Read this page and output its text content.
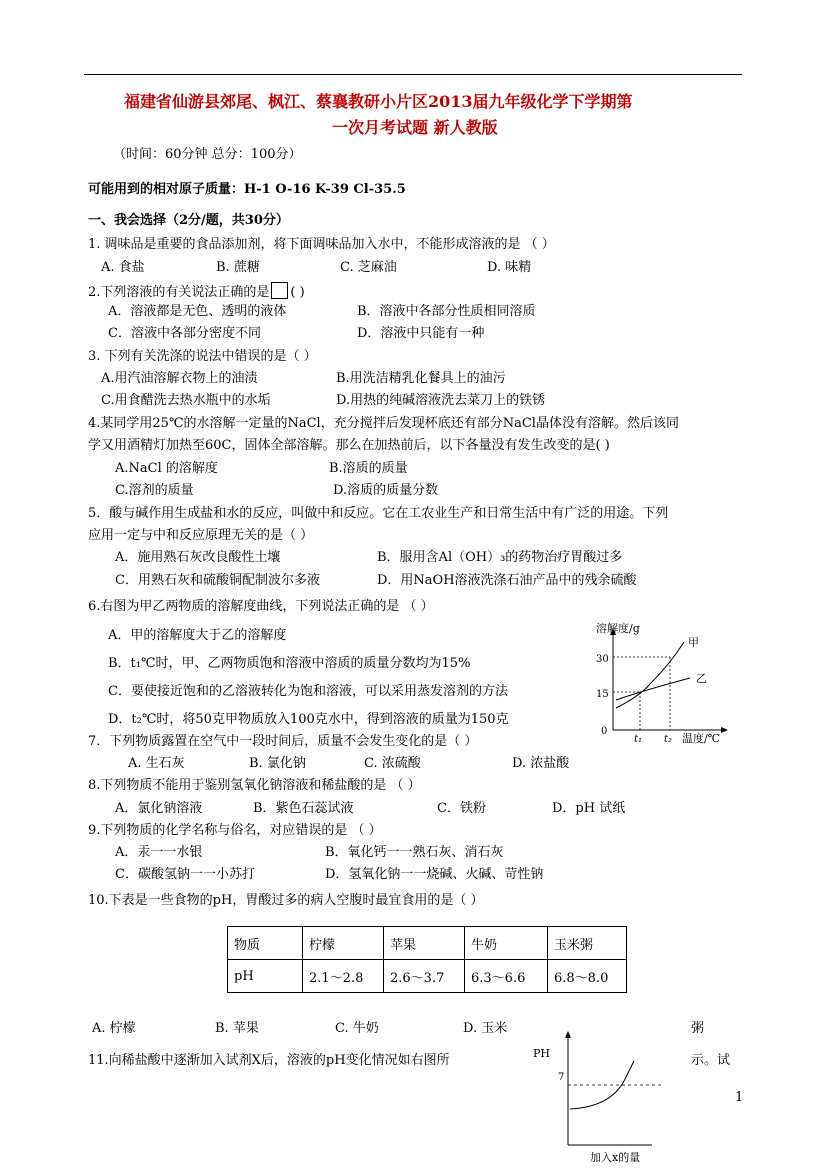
福建省仙游县郊尾、枫江、蔡襄教研小片区2013届九年级化学下学期第
一次月考试题 新人教版
（时间：60分钟 总分：100分）
可能用到的相对原子质量：H-1 O-16 K-39 Cl-35.5
一、我会选择（2分/题，共30分）
1. 调味品是重要的食品添加剂，将下面调味品加入水中，不能形成溶液的是 （ ）
A. 食盐	B. 蔗糖	C. 芝麻油	D. 味精
2.下列溶液的有关说法正确的是 ( )
A．溶液都是无色、透明的液体	B．溶液中各部分性质相同溶质
C．溶液中各部分密度不同	D．溶液中只能有一种
3. 下列有关洗涤的说法中错误的是（ ）
A.用汽油溶解衣物上的油渍	B.用洗洁精乳化餐具上的油污
C.用食醋洗去热水瓶中的水垢	D.用热的纯碱溶液洗去菜刀上的铁锈
4.某同学用25℃的水溶解一定量的NaCl，充分搅拌后发现杯底还有部分NaCl晶体没有溶解。然后该同
学又用酒精灯加热至60C，固体全部溶解。那么在加热前后，以下各量没有发生改变的是( )
A.NaCl 的溶解度	B.溶质的质量
C.溶剂的质量	D.溶质的质量分数
5．酸与碱作用生成盐和水的反应，叫做中和反应。它在工农业生产和日常生活中有广泛的用途。下列
应用一定与中和反应原理无关的是（ ）
A．施用熟石灰改良酸性土壤	B．服用含Al（OH）₃的药物治疗胃酸过多
C．用熟石灰和硫酸铜配制波尔多液	D．用NaOH溶液洗涤石油产品中的残余硫酸
6.右图为甲乙两物质的溶解度曲线，下列说法正确的是 （ ）
A．甲的溶解度大于乙的溶解度
B．t₁℃时，甲、乙两物质饱和溶液中溶质的质量分数均为15%
C．要使接近饱和的乙溶液转化为饱和溶液，可以采用蒸发溶剂的方法
D．t₂℃时，将50克甲物质放入100克水中，得到溶液的质量为150克
溶解度/g
温度/℃
30
15
0
t₁ t₂
甲
乙
7．下列物质露置在空气中一段时间后，质量不会发生变化的是（ ）
A. 生石灰	B. 氯化钠	C. 浓硫酸	D. 浓盐酸
8.下列物质不能用于鉴别氢氧化钠溶液和稀盐酸的是 （ ）
A．氯化钠溶液	B．紫色石蕊试液	C．铁粉	D．pH 试纸
9.下列物质的化学名称与俗名，对应错误的是 （ ）
A．汞一一水银	B．氧化钙一一熟石灰、消石灰
C．碳酸氢钠一一小苏打	D．氢氧化钠一一烧碱、火碱、苛性钠
10.下表是一些食物的pH，胃酸过多的病人空腹时最宜食用的是（ ）
物质	柠檬	苹果	牛奶	玉米粥
pH	2.1～2.8	2.6～3.7	6.3～6.6	6.8～8.0
A. 柠檬	B. 苹果	C. 牛奶	D. 玉米	粥
11.向稀盐酸中逐渐加入试剂X后，溶液的pH变化情况如右图所	示。试
PH
7
加入x的量
1
